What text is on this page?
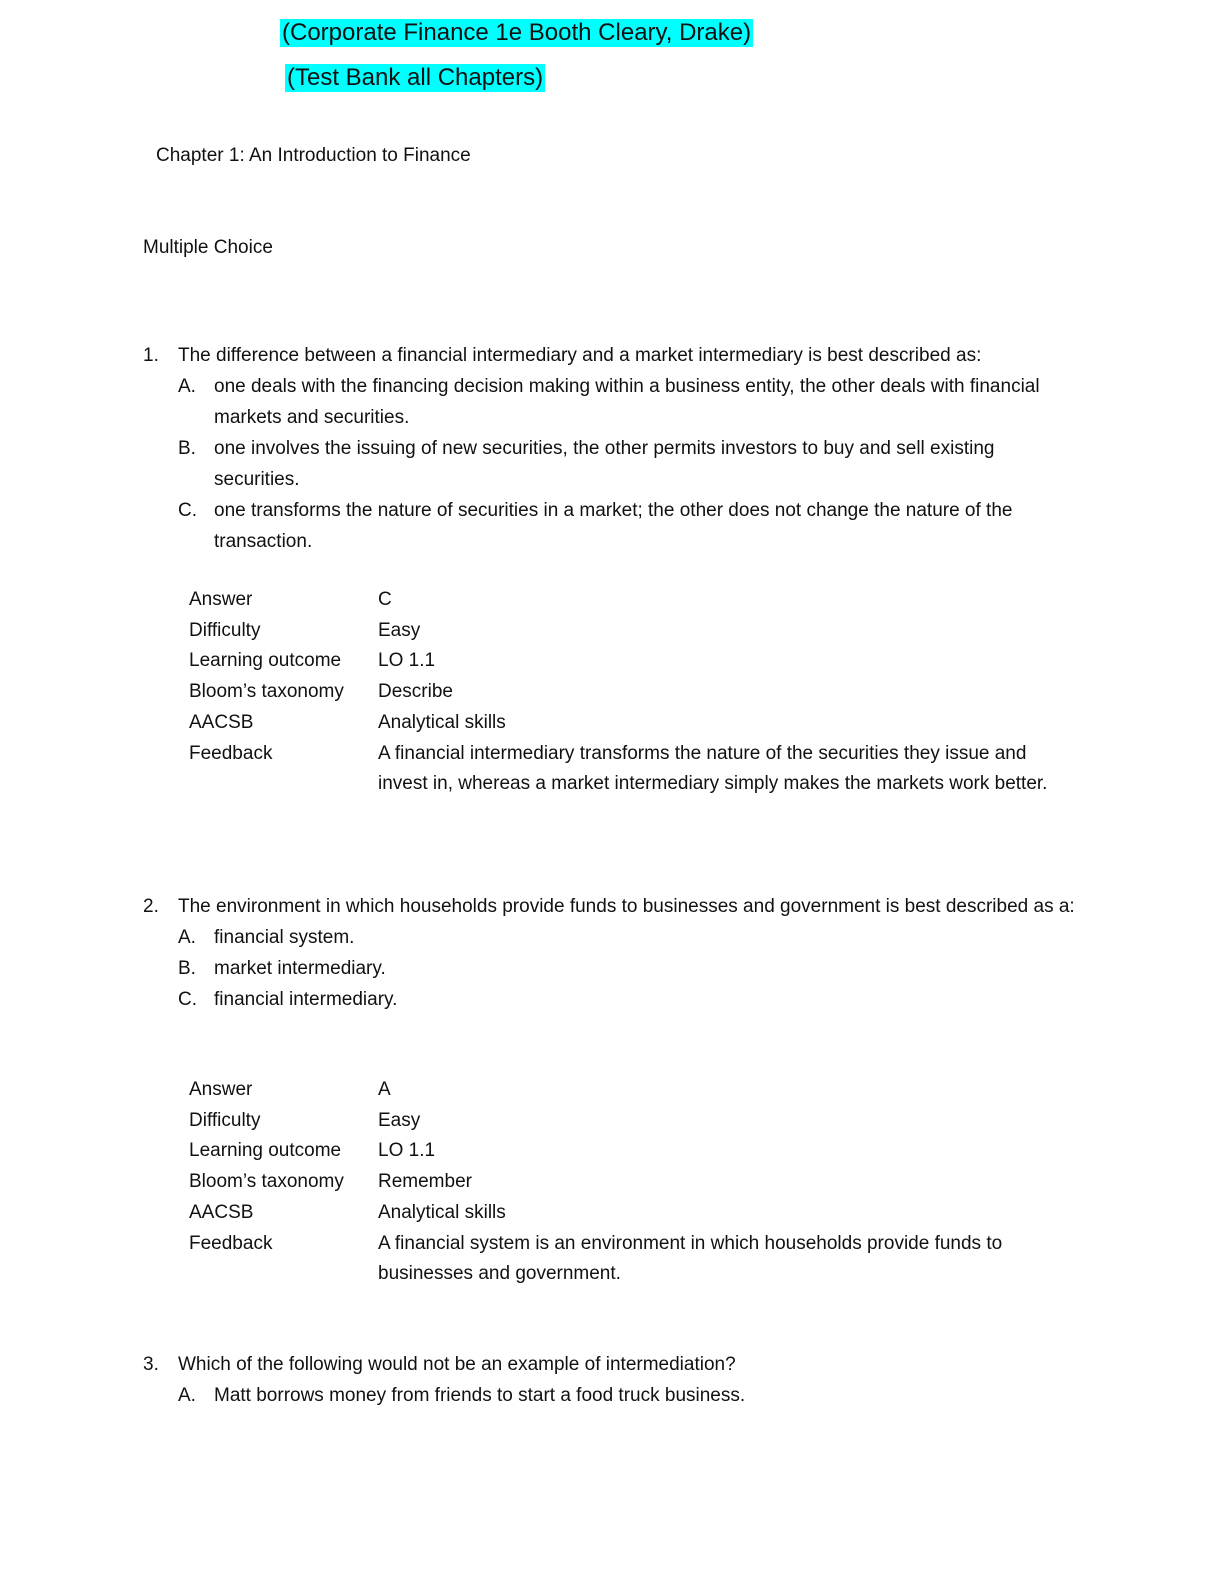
(Corporate Finance 1e Booth Cleary, Drake)
(Test Bank all Chapters)
Chapter 1: An Introduction to Finance
Multiple Choice
1. The difference between a financial intermediary and a market intermediary is best described as:
A. one deals with the financing decision making within a business entity, the other deals with financial markets and securities.
B. one involves the issuing of new securities, the other permits investors to buy and sell existing securities.
C. one transforms the nature of securities in a market; the other does not change the nature of the transaction.
Answer	C
Difficulty	Easy
Learning outcome	LO 1.1
Bloom’s taxonomy	Describe
AACSB	Analytical skills
Feedback	A financial intermediary transforms the nature of the securities they issue and invest in, whereas a market intermediary simply makes the markets work better.
2. The environment in which households provide funds to businesses and government is best described as a:
A. financial system.
B. market intermediary.
C. financial intermediary.
Answer	A
Difficulty	Easy
Learning outcome	LO 1.1
Bloom’s taxonomy	Remember
AACSB	Analytical skills
Feedback	A financial system is an environment in which households provide funds to businesses and government.
3. Which of the following would not be an example of intermediation?
A. Matt borrows money from friends to start a food truck business.
